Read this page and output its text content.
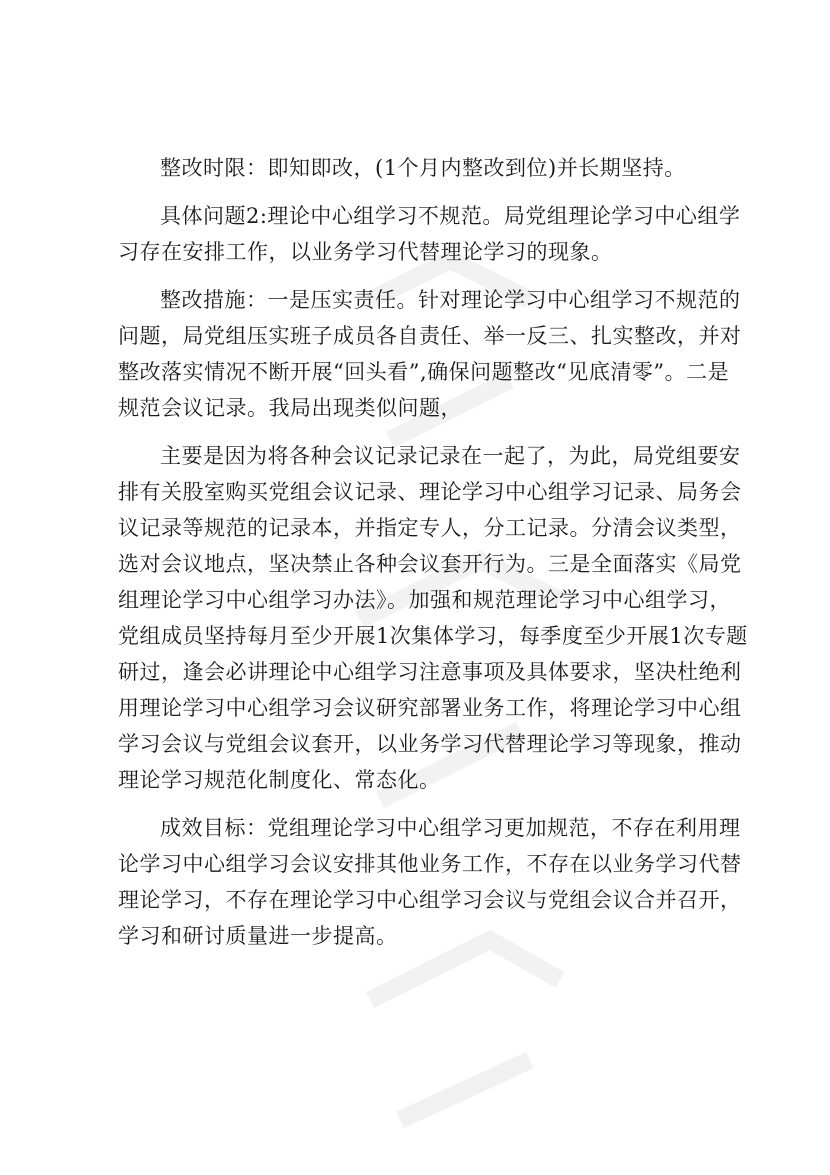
整改时限：即知即改，(1个月内整改到位)并长期坚持。

具体问题2:理论中心组学习不规范。局党组理论学习中心组学习存在安排工作，以业务学习代替理论学习的现象。

整改措施：一是压实责任。针对理论学习中心组学习不规范的问题，局党组压实班子成员各自责任、举一反三、扎实整改，并对整改落实情况不断开展“回头看”,确保问题整改“见底清零”。二是规范会议记录。我局出现类似问题，

主要是因为将各种会议记录记录在一起了，为此，局党组要安排有关股室购买党组会议记录、理论学习中心组学习记录、局务会议记录等规范的记录本，并指定专人，分工记录。分清会议类型，选对会议地点，坚决禁止各种会议套开行为。三是全面落实《局党组理论学习中心组学习办法》。加强和规范理论学习中心组学习，党组成员坚持每月至少开展1次集体学习，每季度至少开展1次专题研过，逢会必讲理论中心组学习注意事项及具体要求，坚决杜绝利用理论学习中心组学习会议研究部署业务工作，将理论学习中心组学习会议与党组会议套开，以业务学习代替理论学习等现象，推动理论学习规范化制度化、常态化。

成效目标：党组理论学习中心组学习更加规范，不存在利用理论学习中心组学习会议安排其他业务工作，不存在以业务学习代替理论学习，不存在理论学习中心组学习会议与党组会议合并召开，学习和研讨质量进一步提高。
